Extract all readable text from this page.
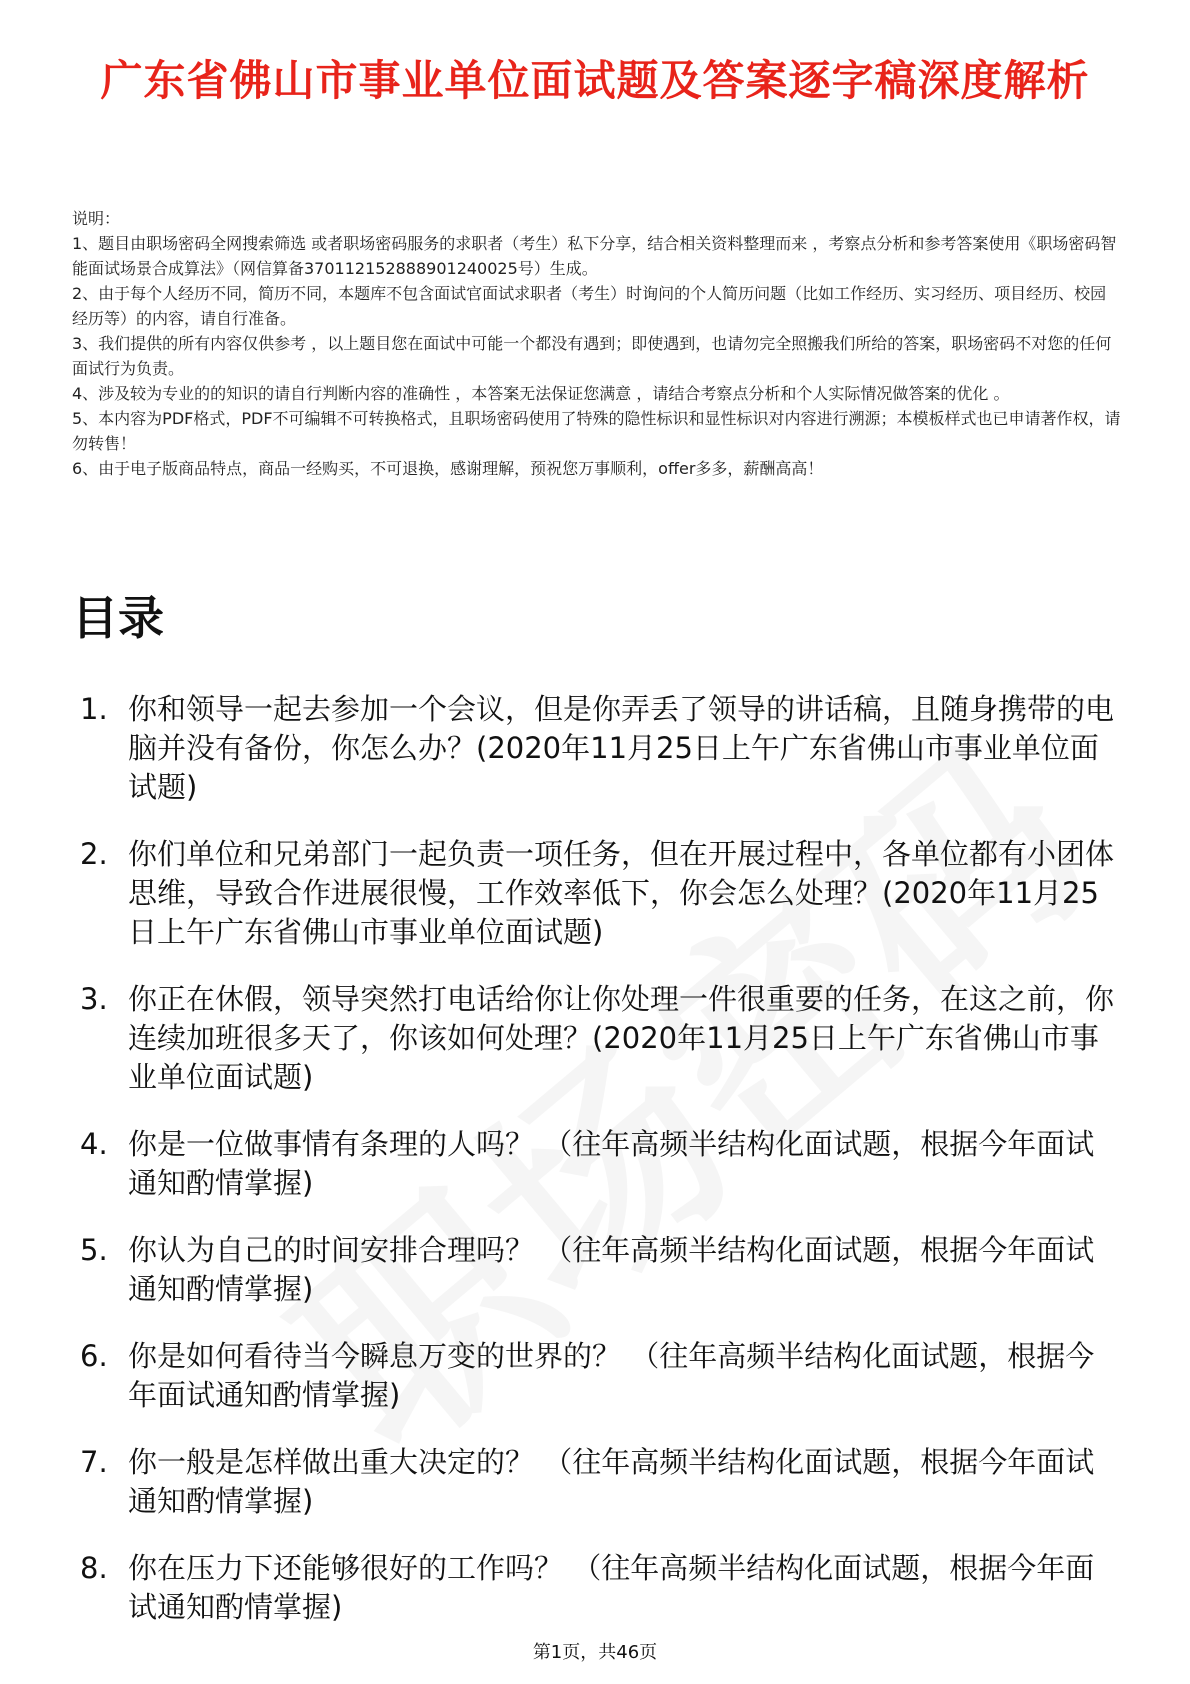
广东省佛山市事业单位面试题及答案逐字稿深度解析

说明：

1、题目由职场密码全网搜索筛选 或者职场密码服务的求职者（考生）私下分享，结合相关资料整理而来 ，考察点分析和参考答案使用《职场密码智能面试场景合成算法》（网信算备370112152888901240025号）生成。

2、由于每个人经历不同，简历不同，本题库不包含面试官面试求职者（考生）时询问的个人简历问题（比如工作经历、实习经历、项目经历、校园经历等）的内容，请自行准备。

3、我们提供的所有内容仅供参考 ，以上题目您在面试中可能一个都没有遇到；即使遇到，也请勿完全照搬我们所给的答案，职场密码不对您的任何面试行为负责。

4、涉及较为专业的的知识的请自行判断内容的准确性 ，本答案无法保证您满意 ，请结合考察点分析和个人实际情况做答案的优化 。

5、本内容为PDF格式，PDF不可编辑不可转换格式，且职场密码使用了特殊的隐性标识和显性标识对内容进行溯源；本模板样式也已申请著作权，请勿转售！

6、由于电子版商品特点，商品一经购买，不可退换，感谢理解，预祝您万事顺利，offer多多，薪酬高高！

目录
1. 你和领导一起去参加一个会议，但是你弄丢了领导的讲话稿，且随身携带的电脑并没有备份，你怎么办？(2020年11月25日上午广东省佛山市事业单位面试题)
2. 你们单位和兄弟部门一起负责一项任务，但在开展过程中，各单位都有小团体思维，导致合作进展很慢，工作效率低下，你会怎么处理？(2020年11月25日上午广东省佛山市事业单位面试题)
3. 你正在休假，领导突然打电话给你让你处理一件很重要的任务，在这之前，你连续加班很多天了，你该如何处理？(2020年11月25日上午广东省佛山市事业单位面试题)
4. 你是一位做事情有条理的人吗？ （往年高频半结构化面试题，根据今年面试通知酌情掌握)
5. 你认为自己的时间安排合理吗？ （往年高频半结构化面试题，根据今年面试通知酌情掌握)
6. 你是如何看待当今瞬息万变的世界的？ （往年高频半结构化面试题，根据今年面试通知酌情掌握)
7. 你一般是怎样做出重大决定的？ （往年高频半结构化面试题，根据今年面试通知酌情掌握)
8. 你在压力下还能够很好的工作吗？ （往年高频半结构化面试题，根据今年面试通知酌情掌握)
第1页，共46页
